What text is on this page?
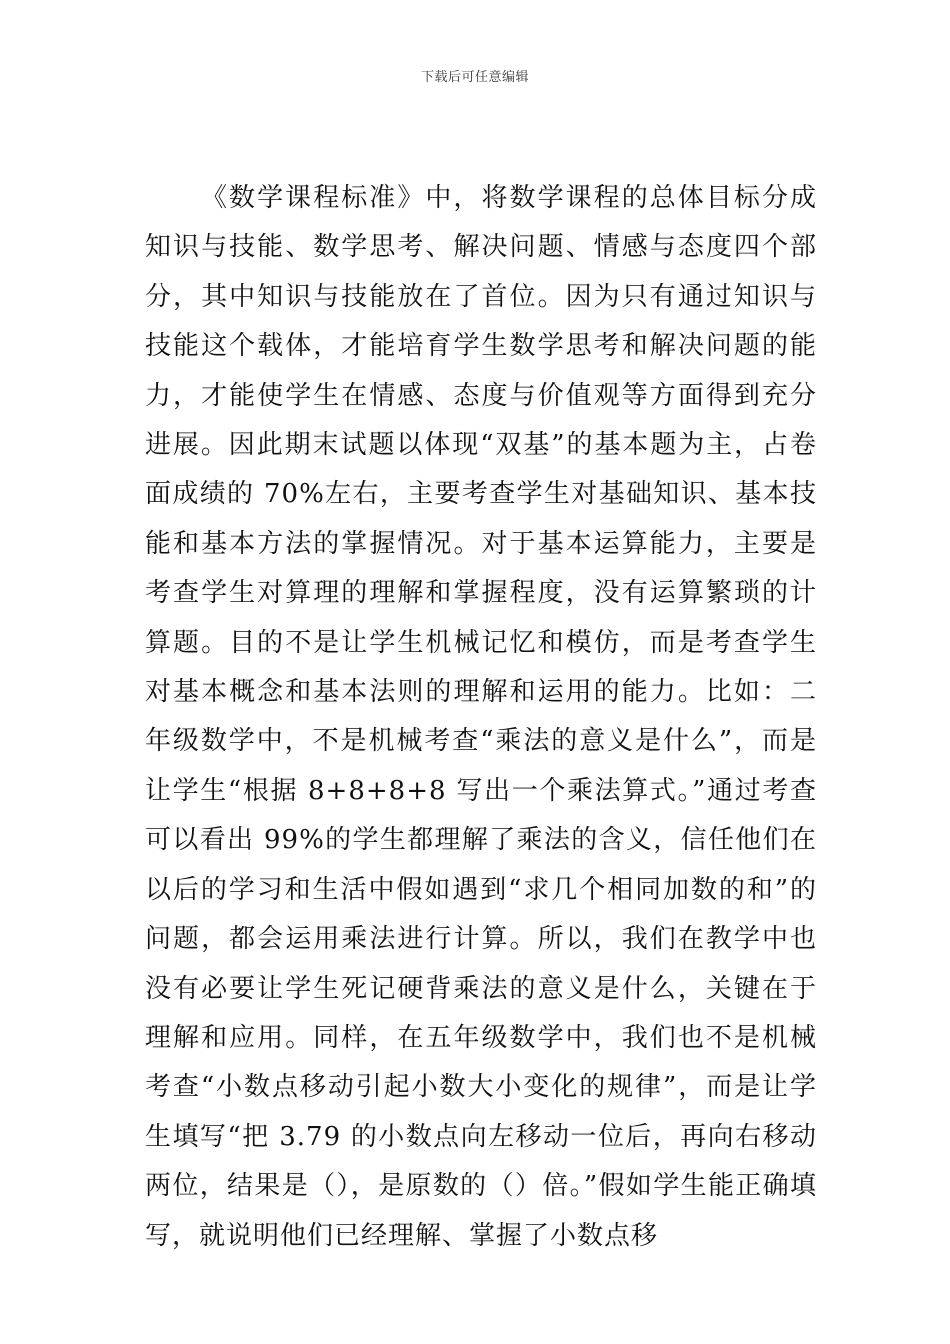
下载后可任意编辑

《数学课程标准》中，将数学课程的总体目标分成知识与技能、数学思考、解决问题、情感与态度四个部分，其中知识与技能放在了首位。因为只有通过知识与技能这个载体，才能培育学生数学思考和解决问题的能力，才能使学生在情感、态度与价值观等方面得到充分进展。因此期末试题以体现“双基”的基本题为主，占卷面成绩的 70%左右，主要考查学生对基础知识、基本技能和基本方法的掌握情况。对于基本运算能力，主要是考查学生对算理的理解和掌握程度，没有运算繁琐的计算题。目的不是让学生机械记忆和模仿，而是考查学生对基本概念和基本法则的理解和运用的能力。比如：二年级数学中，不是机械考查“乘法的意义是什么”，而是让学生“根据 8+8+8+8 写出一个乘法算式。”通过考查可以看出 99%的学生都理解了乘法的含义，信任他们在以后的学习和生活中假如遇到“求几个相同加数的和”的问题，都会运用乘法进行计算。所以，我们在教学中也没有必要让学生死记硬背乘法的意义是什么，关键在于理解和应用。同样，在五年级数学中，我们也不是机械考查“小数点移动引起小数大小变化的规律”，而是让学生填写“把 3.79 的小数点向左移动一位后，再向右移动两位，结果是（），是原数的（）倍。”假如学生能正确填写，就说明他们已经理解、掌握了小数点移
